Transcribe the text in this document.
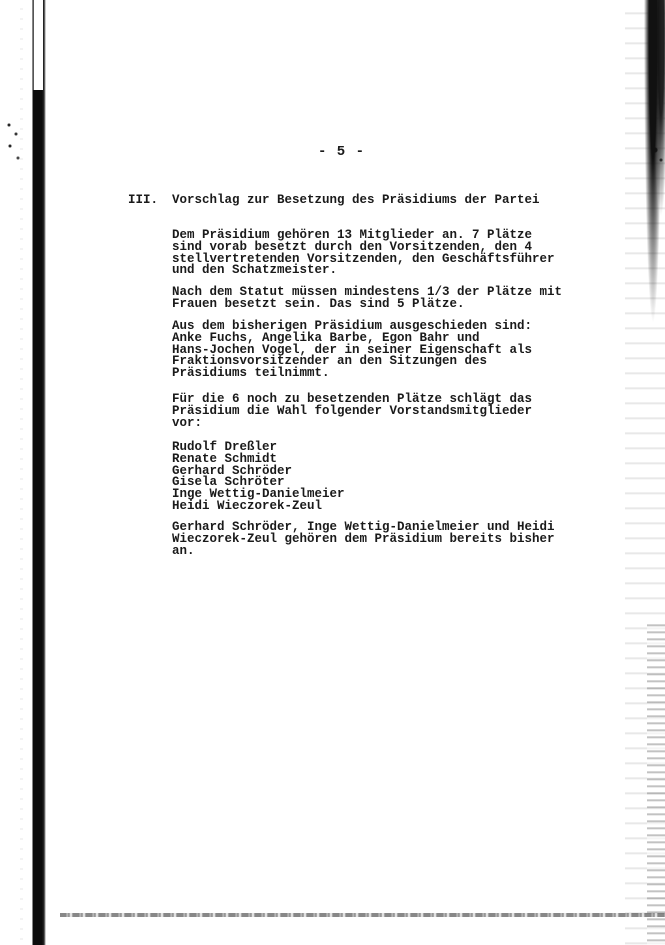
- 5 -

III.

Vorschlag zur Besetzung des Präsidiums der Partei

Dem Präsidium gehören 13 Mitglieder an. 7 Plätze
sind vorab besetzt durch den Vorsitzenden, den 4
stellvertretenden Vorsitzenden, den Geschäftsführer
und den Schatzmeister.

Nach dem Statut müssen mindestens 1/3 der Plätze mit
Frauen besetzt sein. Das sind 5 Plätze.

Aus dem bisherigen Präsidium ausgeschieden sind:
Anke Fuchs, Angelika Barbe, Egon Bahr und
Hans-Jochen Vogel, der in seiner Eigenschaft als
Fraktionsvorsitzender an den Sitzungen des
Präsidiums teilnimmt.

Für die 6 noch zu besetzenden Plätze schlägt das
Präsidium die Wahl folgender Vorstandsmitglieder
vor:

Rudolf Dreßler
Renate Schmidt
Gerhard Schröder
Gisela Schröter
Inge Wettig-Danielmeier
Heidi Wieczorek-Zeul

Gerhard Schröder, Inge Wettig-Danielmeier und Heidi
Wieczorek-Zeul gehören dem Präsidium bereits bisher
an.
